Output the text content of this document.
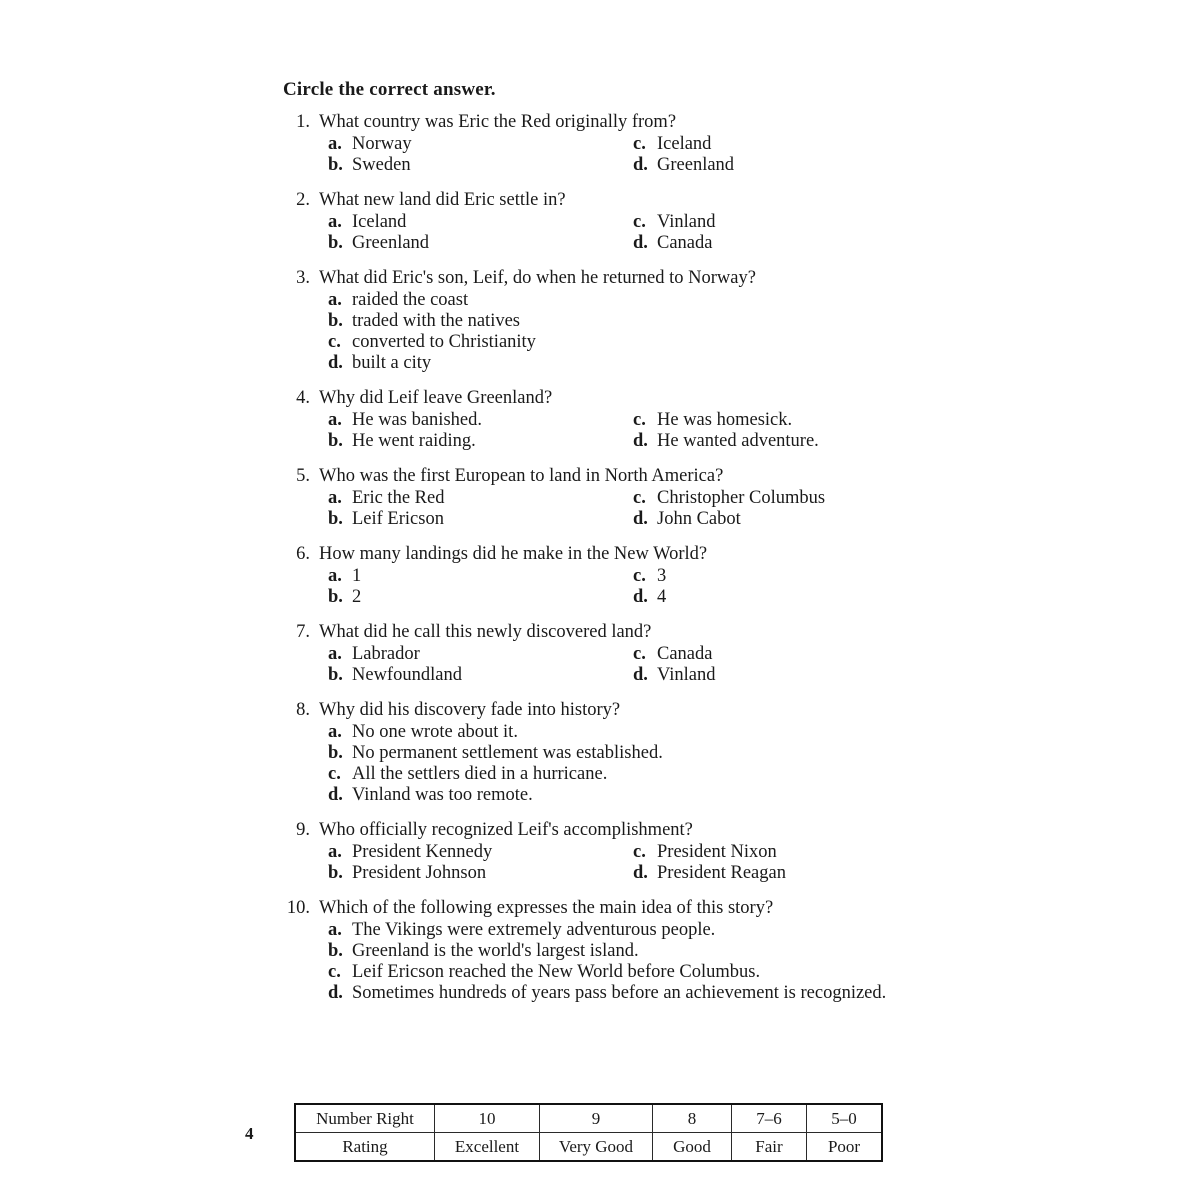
Circle the correct answer.
1. What country was Eric the Red originally from?
a. Norway
b. Sweden
c. Iceland
d. Greenland
2. What new land did Eric settle in?
a. Iceland
b. Greenland
c. Vinland
d. Canada
3. What did Eric's son, Leif, do when he returned to Norway?
a. raided the coast
b. traded with the natives
c. converted to Christianity
d. built a city
4. Why did Leif leave Greenland?
a. He was banished.
b. He went raiding.
c. He was homesick.
d. He wanted adventure.
5. Who was the first European to land in North America?
a. Eric the Red
b. Leif Ericson
c. Christopher Columbus
d. John Cabot
6. How many landings did he make in the New World?
a. 1
b. 2
c. 3
d. 4
7. What did he call this newly discovered land?
a. Labrador
b. Newfoundland
c. Canada
d. Vinland
8. Why did his discovery fade into history?
a. No one wrote about it.
b. No permanent settlement was established.
c. All the settlers died in a hurricane.
d. Vinland was too remote.
9. Who officially recognized Leif's accomplishment?
a. President Kennedy
b. President Johnson
c. President Nixon
d. President Reagan
10. Which of the following expresses the main idea of this story?
a. The Vikings were extremely adventurous people.
b. Greenland is the world's largest island.
c. Leif Ericson reached the New World before Columbus.
d. Sometimes hundreds of years pass before an achievement is recognized.
4
Number Right	10	9	8	7–6	5–0
Rating	Excellent	Very Good	Good	Fair	Poor
